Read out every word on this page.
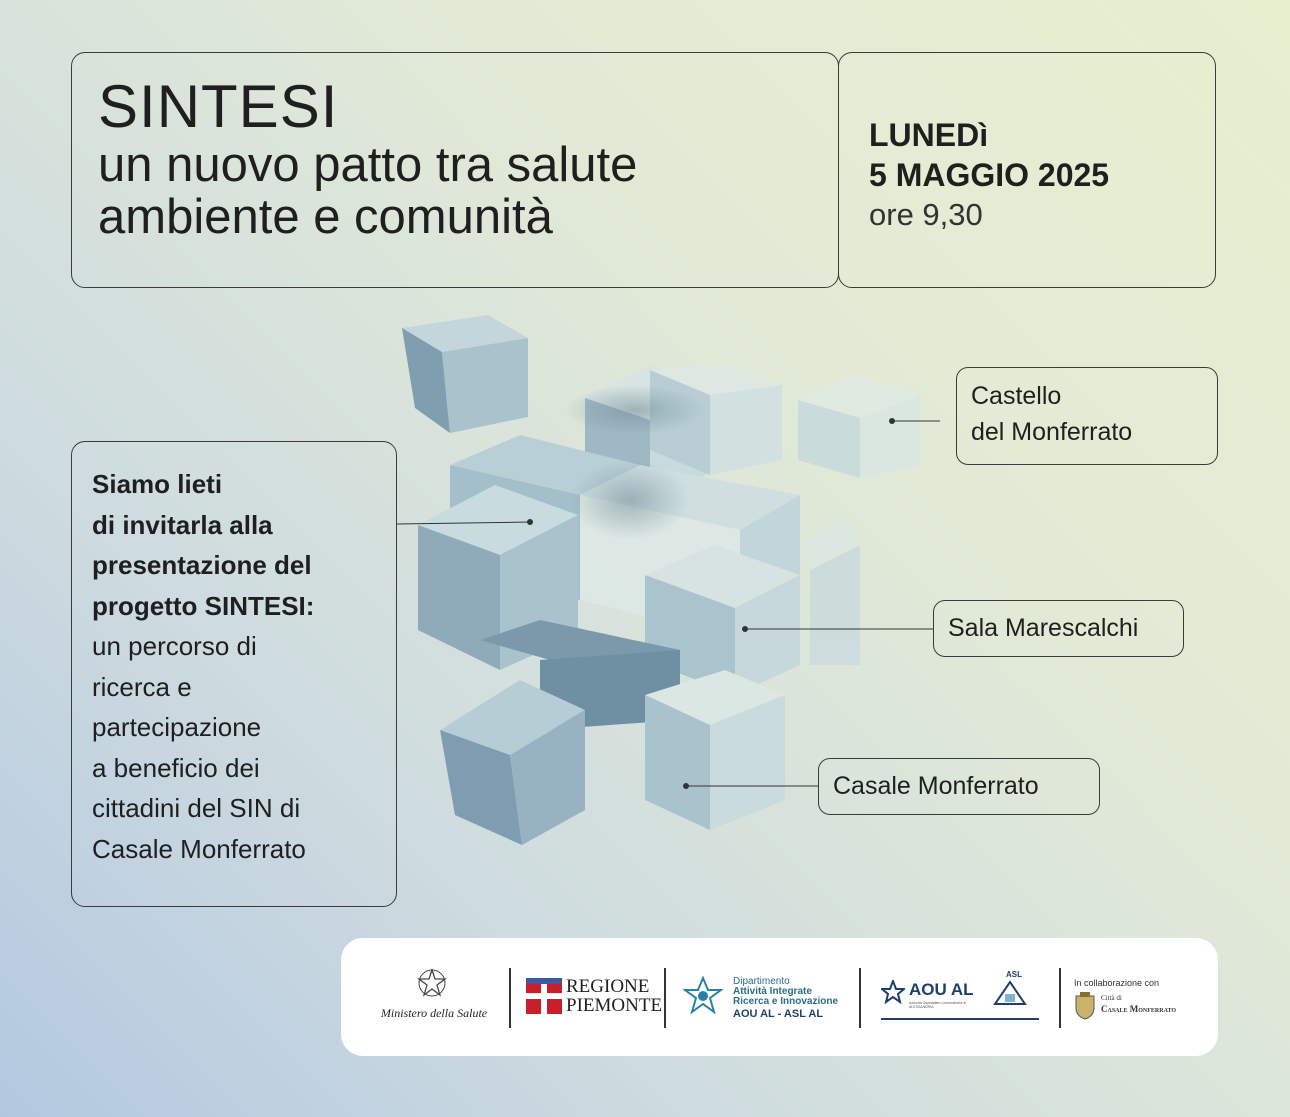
SINTESI
un nuovo patto tra salute
ambiente e comunità
LUNEDì
5 MAGGIO 2025
ore 9,30
Siamo lieti
di invitarla alla
presentazione del
progetto SINTESI:
un percorso di
ricerca e
partecipazione
a beneficio dei
cittadini del SIN di
Casale Monferrato
Castello
del Monferrato
Sala Marescalchi
Casale Monferrato
Ministero della Salute
REGIONE
PIEMONTE
Dipartimento
Attività Integrate
Ricerca e Innovazione
AOU AL - ASL AL
AOU AL
Azienda Ospedaliero-Universitaria di ALESSANDRIA
ASL
In collaborazione con
Città di
Casale Monferrato
